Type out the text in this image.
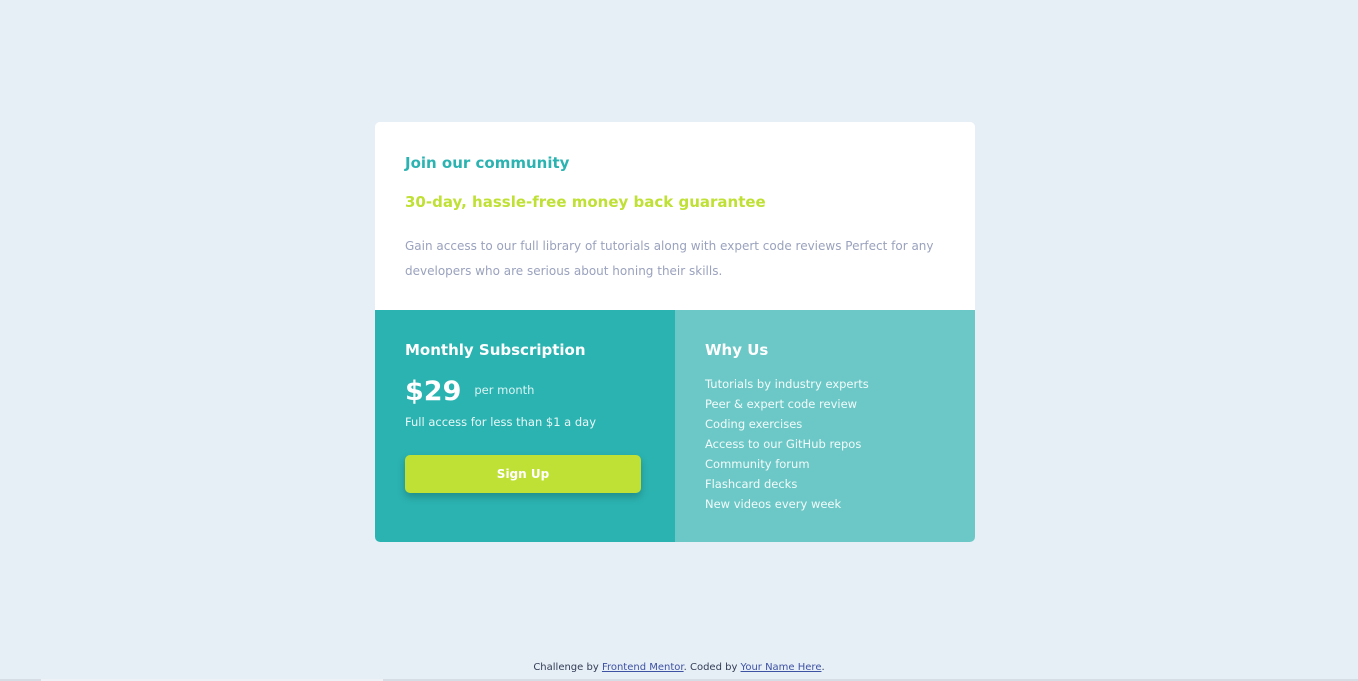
Join our community
30-day, hassle-free money back guarantee

Gain access to our full library of tutorials along with expert code reviews Perfect for any developers who are serious about honing their skills.

Monthly Subscription
$29 per month
Full access for less than $1 a day
Sign Up
Why Us
Tutorials by industry experts
Peer & expert code review
Coding exercises
Access to our GitHub repos
Community forum
Flashcard decks
New videos every week
Challenge by Frontend Mentor. Coded by Your Name Here.
